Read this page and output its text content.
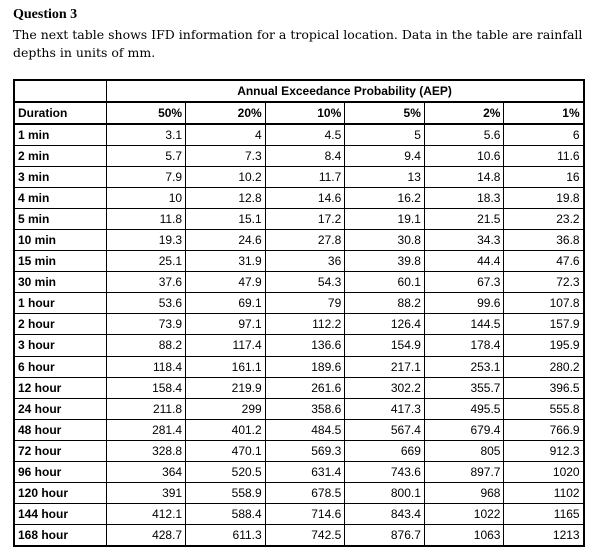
Question 3
The next table shows IFD information for a tropical location. Data in the table are rainfall depths in units of mm.
	Annual Exceedance Probability (AEP)					
Duration	50%	20%	10%	5%	2%	1%
1 min	3.1	4	4.5	5	5.6	6
2 min	5.7	7.3	8.4	9.4	10.6	11.6
3 min	7.9	10.2	11.7	13	14.8	16
4 min	10	12.8	14.6	16.2	18.3	19.8
5 min	11.8	15.1	17.2	19.1	21.5	23.2
10 min	19.3	24.6	27.8	30.8	34.3	36.8
15 min	25.1	31.9	36	39.8	44.4	47.6
30 min	37.6	47.9	54.3	60.1	67.3	72.3
1 hour	53.6	69.1	79	88.2	99.6	107.8
2 hour	73.9	97.1	112.2	126.4	144.5	157.9
3 hour	88.2	117.4	136.6	154.9	178.4	195.9
6 hour	118.4	161.1	189.6	217.1	253.1	280.2
12 hour	158.4	219.9	261.6	302.2	355.7	396.5
24 hour	211.8	299	358.6	417.3	495.5	555.8
48 hour	281.4	401.2	484.5	567.4	679.4	766.9
72 hour	328.8	470.1	569.3	669	805	912.3
96 hour	364	520.5	631.4	743.6	897.7	1020
120 hour	391	558.9	678.5	800.1	968	1102
144 hour	412.1	588.4	714.6	843.4	1022	1165
168 hour	428.7	611.3	742.5	876.7	1063	1213
